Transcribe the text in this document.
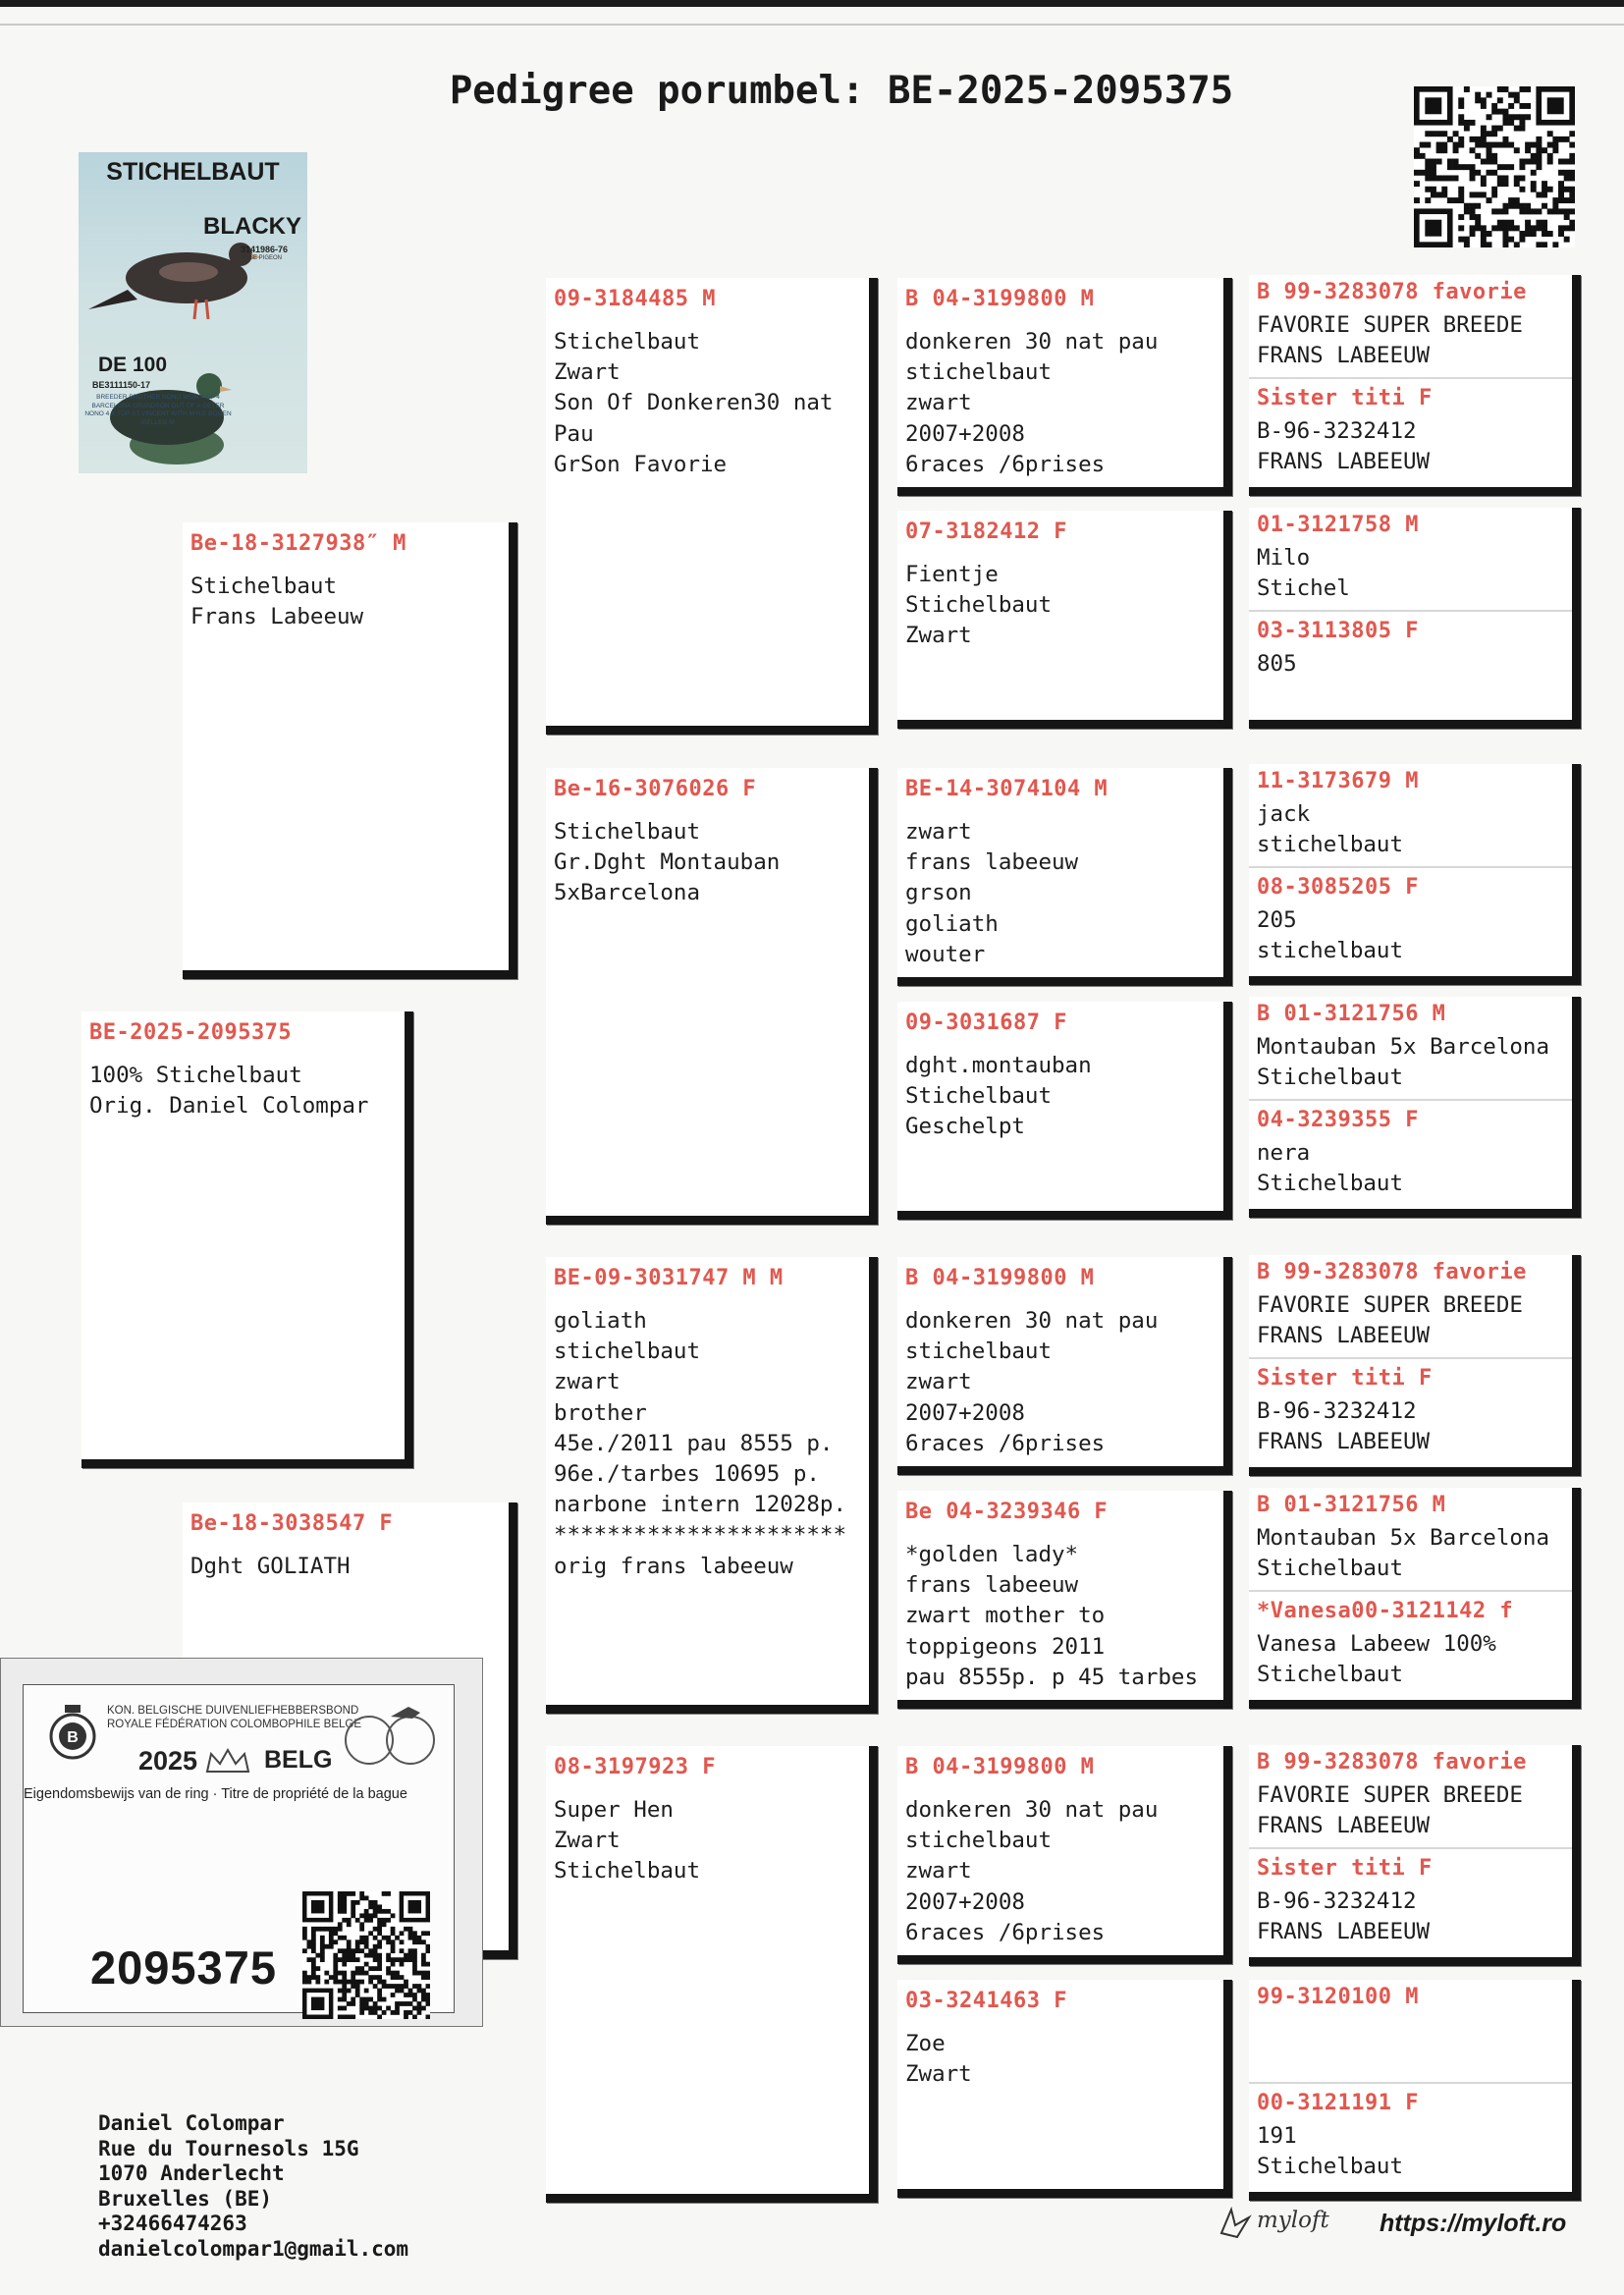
Pedigree porumbel: BE-2025-2095375
STICHELBAUT
BLACKY
3141986-76
BASE PIGEON
DE 100
BE3111150-17
BREEDER BROTHER NONO WON 4 OF 4 BARCELONA GRANDSON OUT OF A GETER NONO 4 X TOP ST VINCENT WITH MYLE BOGEN GELLEG M
BE-2025-2095375
100% Stichelbaut
Orig. Daniel Colompar
Be-18-3127938″ M
Stichelbaut
Frans Labeeuw
Be-18-3038547 F
Dght GOLIATH
09-3184485 M
Stichelbaut
Zwart
Son Of Donkeren30 nat
Pau
GrSon Favorie
Be-16-3076026 F
Stichelbaut
Gr.Dght Montauban
5xBarcelona
BE-09-3031747 M M
goliath
stichelbaut
zwart
brother
45e./2011 pau 8555 p.
96e./tarbes 10695 p.
narbone intern 12028p.
**********************
orig frans labeeuw
08-3197923 F
Super Hen
Zwart
Stichelbaut
B 04-3199800 M
donkeren 30 nat pau
stichelbaut
zwart
2007+2008
6races /6prises
07-3182412 F
Fientje
Stichelbaut
Zwart
BE-14-3074104 M
zwart
frans labeeuw
grson
goliath
wouter
09-3031687 F
dght.montauban
Stichelbaut
Geschelpt
B 04-3199800 M
donkeren 30 nat pau
stichelbaut
zwart
2007+2008
6races /6prises
Be 04-3239346 F
*golden lady*
frans labeeuw
zwart mother to
toppigeons 2011
pau 8555p. p 45 tarbes
B 04-3199800 M
donkeren 30 nat pau
stichelbaut
zwart
2007+2008
6races /6prises
03-3241463 F
Zoe
Zwart
B 99-3283078 favorie
FAVORIE SUPER BREEDE
FRANS LABEEUW
Sister titi F
B-96-3232412
FRANS LABEEUW
01-3121758 M
Milo
Stichel
03-3113805 F
805
11-3173679 M
jack
stichelbaut
08-3085205 F
205
stichelbaut
B 01-3121756 M
Montauban 5x Barcelona
Stichelbaut
04-3239355 F
nera
Stichelbaut
B 99-3283078 favorie
FAVORIE SUPER BREEDE
FRANS LABEEUW
Sister titi F
B-96-3232412
FRANS LABEEUW
B 01-3121756 M
Montauban 5x Barcelona
Stichelbaut
*Vanesa00-3121142 f
Vanesa Labeew 100%
Stichelbaut
B 99-3283078 favorie
FAVORIE SUPER BREEDE
FRANS LABEEUW
Sister titi F
B-96-3232412
FRANS LABEEUW
99-3120100 M
00-3121191 F
191
Stichelbaut
B
KON. BELGISCHE DUIVENLIEFHEBBERSBOND
ROYALE FÉDÉRATION COLOMBOPHILE BELGE
2025	BELG
Eigendomsbewijs van de ring · Titre de propriété de la bague
2095375
Daniel Colompar
Rue du Tournesols 15G
1070 Anderlecht
Bruxelles (BE)
+32466474263
danielcolompar1@gmail.com
myloft https://myloft.ro
